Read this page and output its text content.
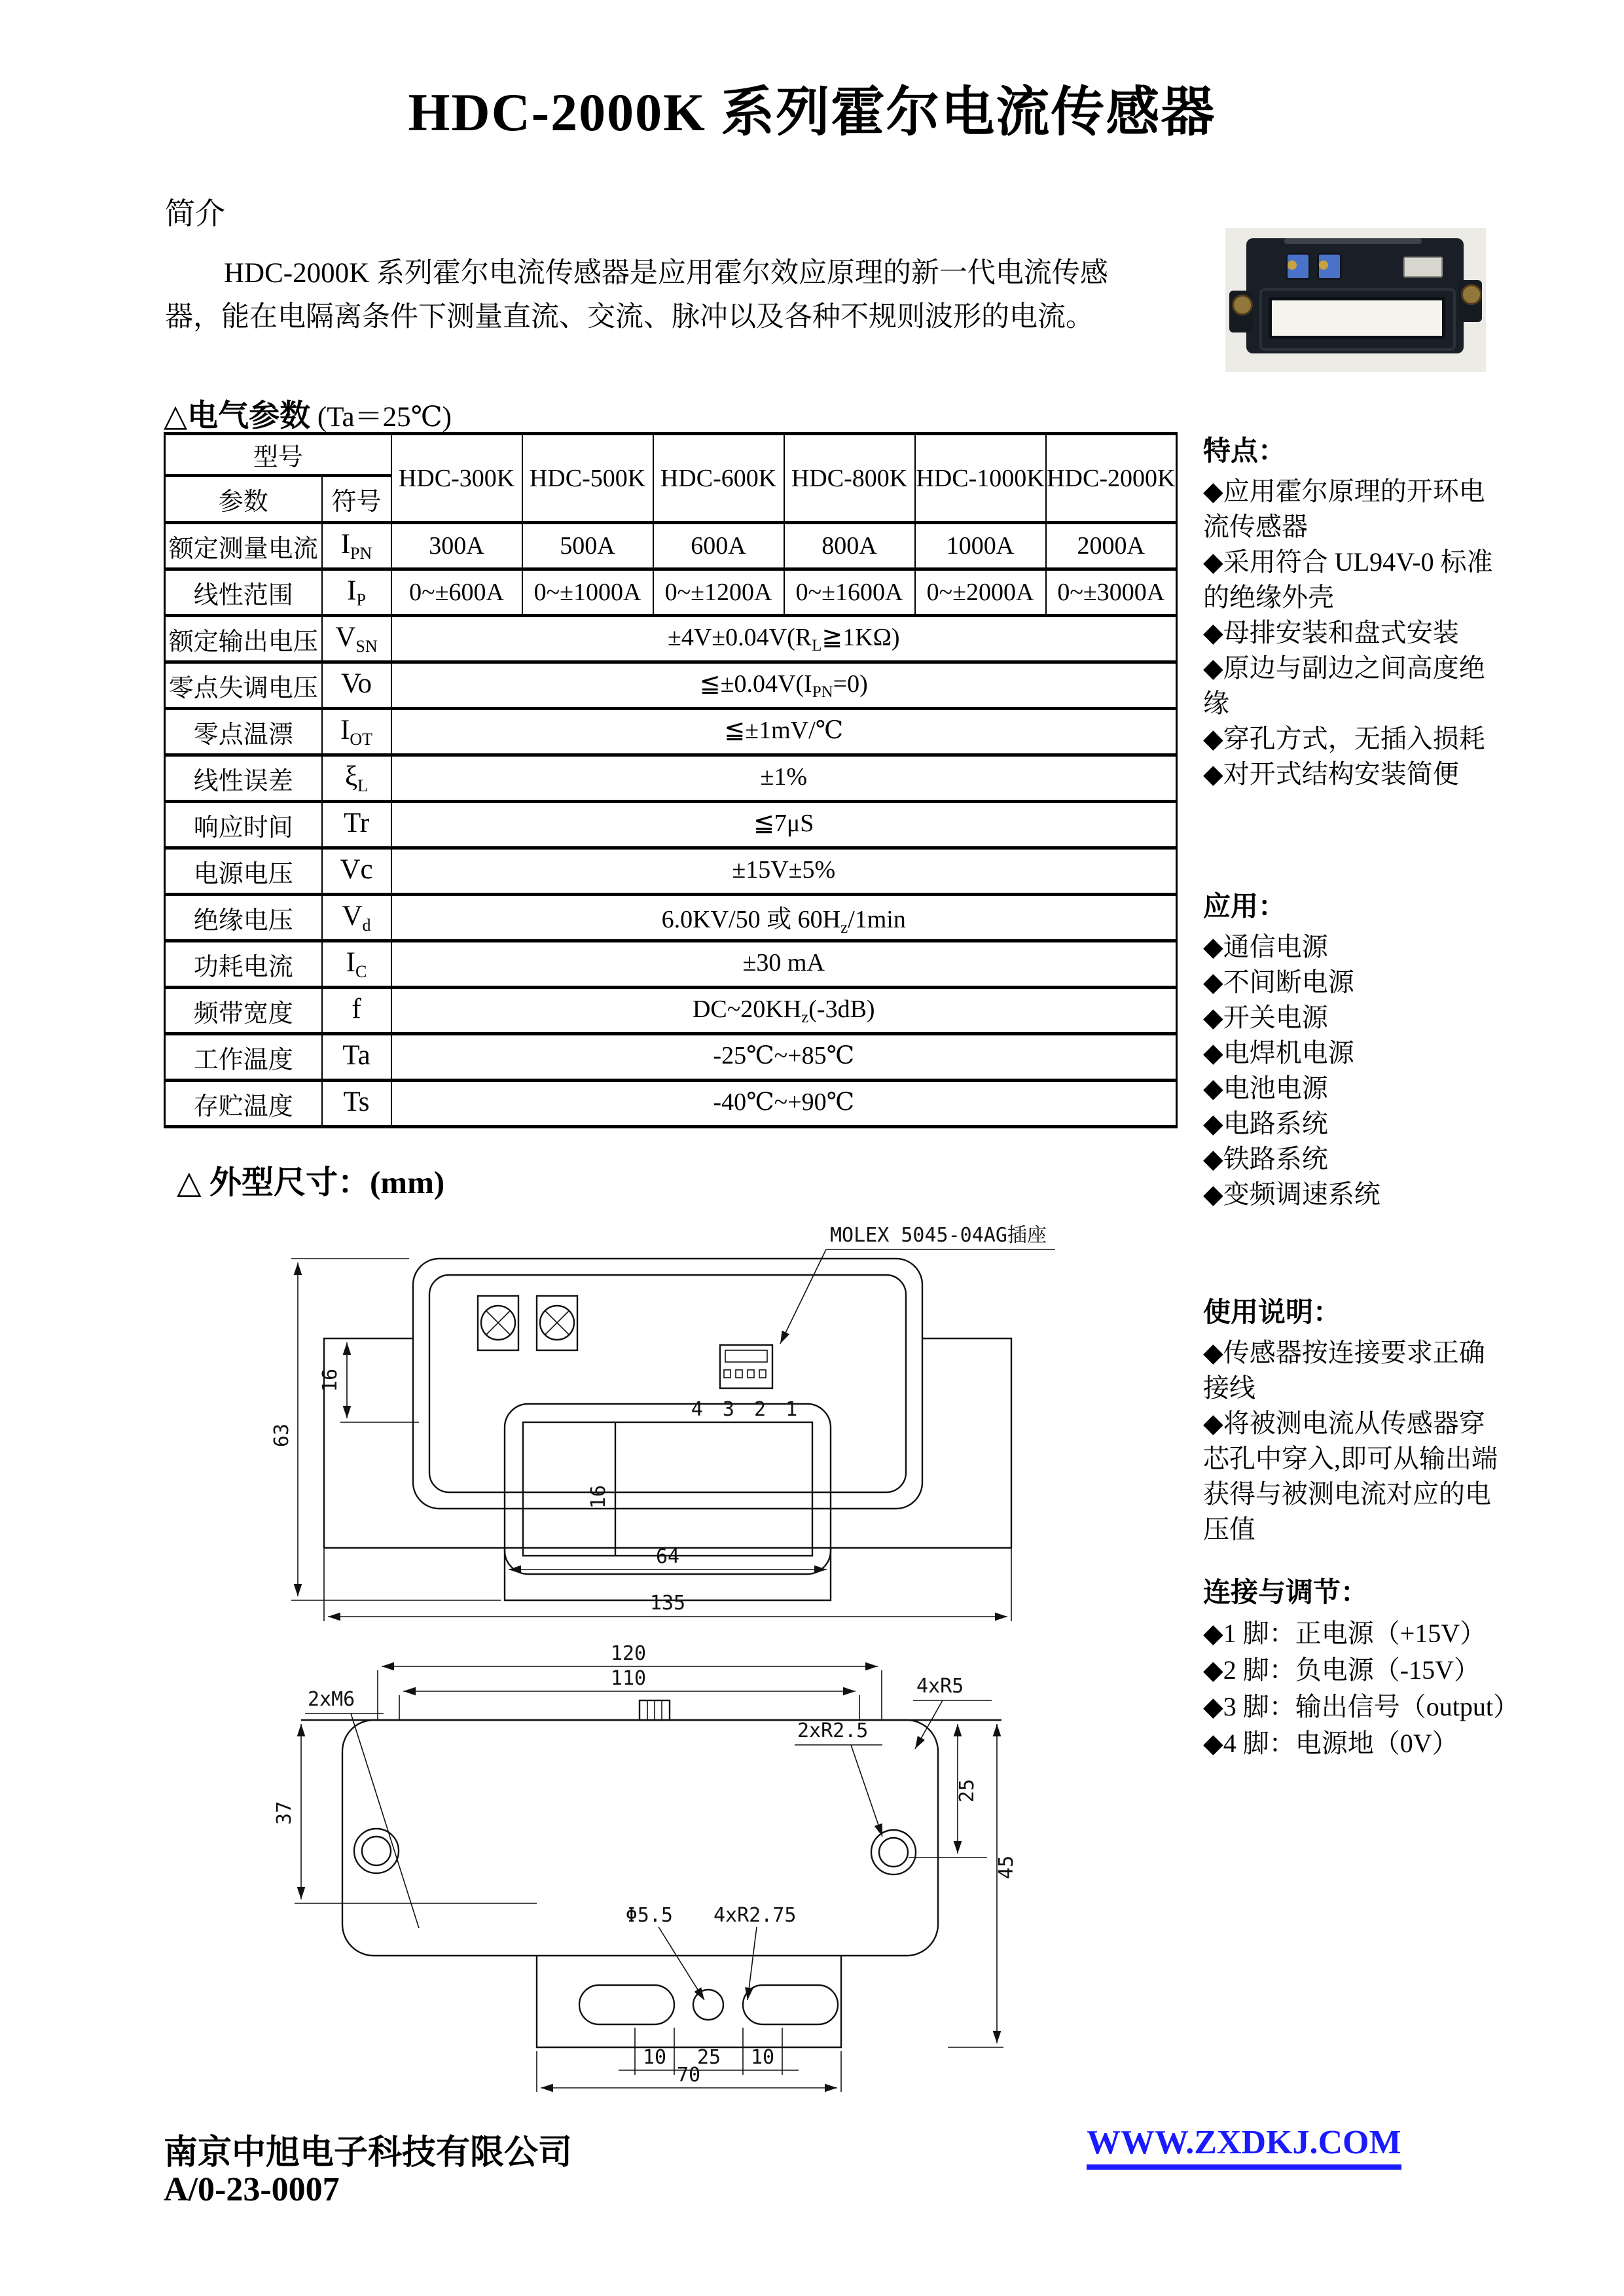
HDC-2000K 系列霍尔电流传感器
简介

HDC-2000K 系列霍尔电流传感器是应用霍尔效应原理的新一代电流传感器，能在电隔离条件下测量直流、交流、脉冲以及各种不规则波形的电流。

△电气参数 (Ta＝25℃)
型号		HDC-300K	HDC-500K	HDC-600K	HDC-800K	HDC-1000K	HDC-2000K
参数	符号						
额定测量电流	$I_{PN}$	300A	500A	600A	800A	1000A	2000A
线性范围	$I_P$	0~±600A	0~±1000A	0~±1200A	0~±1600A	0~±2000A	0~±3000A
额定输出电压	$V_{SN}$	$\pm 4V\pm 0.04V(R_L≧1K\Omega)$					
零点失调电压	Vo	$≦\pm 0.04V(I_{PN}=0)$					
零点温漂	$I_{OT}$	≦±1mV/℃					
线性误差	$\xi_L$	±1%					
响应时间	Tr	≦7μS					
电源电压	Vc	±15V±5%					
绝缘电压	$V_d$	6.0KV/50 或 $60H_z/1\min$					
功耗电流	$I_C$	±30 mA					
频带宽度	f	$DC\sim 20KH_z(-3dB)$					
工作温度	Ta	-25℃~+85℃					
存贮温度	Ts	-40℃~+90℃					
特点：
◆应用霍尔原理的开环电流传感器
◆采用符合 UL94V-0 标准的绝缘外壳
◆母排安装和盘式安装
◆原边与副边之间高度绝缘
◆穿孔方式，无插入损耗
◆对开式结构安装简便
应用：
◆通信电源
◆不间断电源
◆开关电源
◆电焊机电源
◆电池电源
◆电路系统
◆铁路系统
◆变频调速系统
使用说明：
◆传感器按连接要求正确接线
◆将被测电流从传感器穿芯孔中穿入,即可从输出端获得与被测电流对应的电压值
连接与调节：
◆1 脚：正电源（+15V）
◆2 脚：负电源（-15V）
◆3 脚：输出信号（output）
◆4 脚：电源地（0V）
△ 外型尺寸：(mm)
4 3 2 1
MOLEX 5045-04AG插座
63
16
16
64
135
120
110
2xM6
4xR5
2xR2.5
25
45
37
Φ5.5 4xR2.75
10 25 10
70
南京中旭电子科技有限公司
A/0-23-0007
WWW.ZXDKJ.COM
